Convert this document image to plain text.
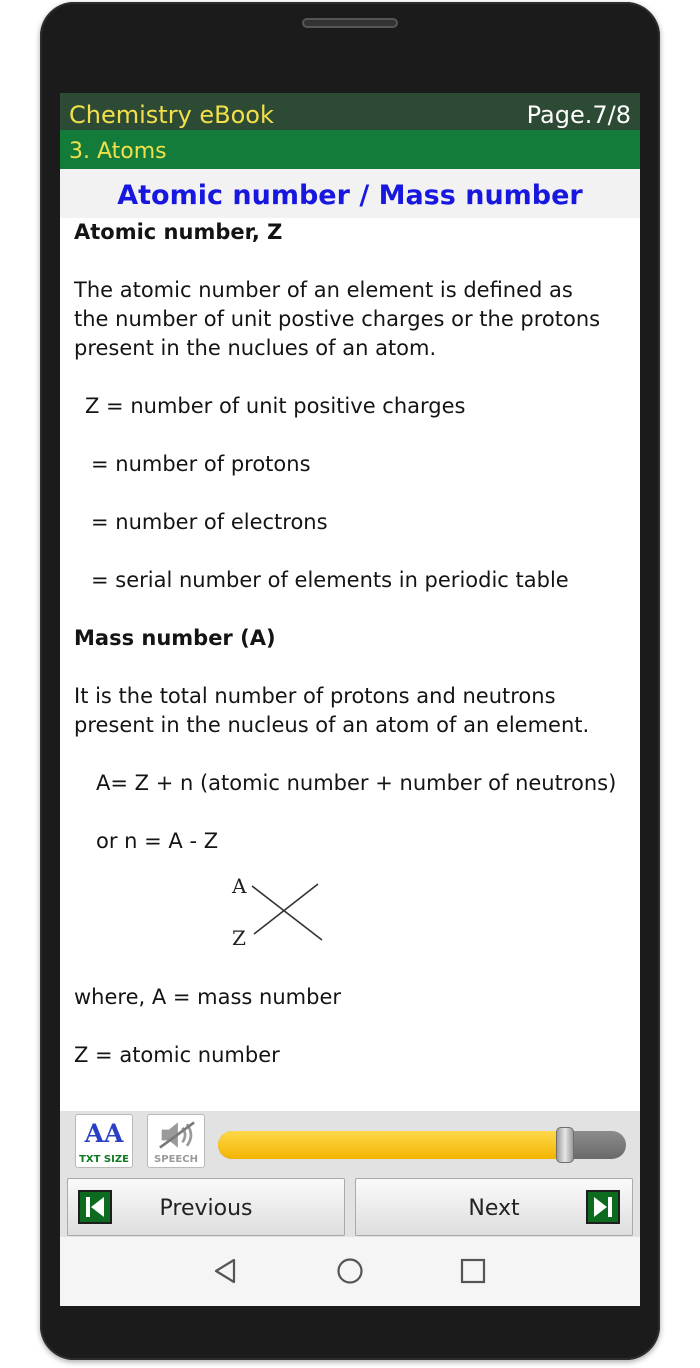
Chemistry eBook	Page.7/8
3. Atoms
Atomic number / Mass number
Atomic number, Z
The atomic number of an element is defined as
the number of unit postive charges or the protons
present in the nuclues of an atom.
Z = number of unit positive charges
= number of protons
= number of electrons
= serial number of elements in periodic table
Mass number (A)
It is the total number of protons and neutrons
present in the nucleus of an atom of an element.
A= Z + n (atomic number + number of neutrons)
or n = A - Z
A
Z
where, A = mass number
Z = atomic number
AA
TXT SIZE	SPEECH
Previous	Next
